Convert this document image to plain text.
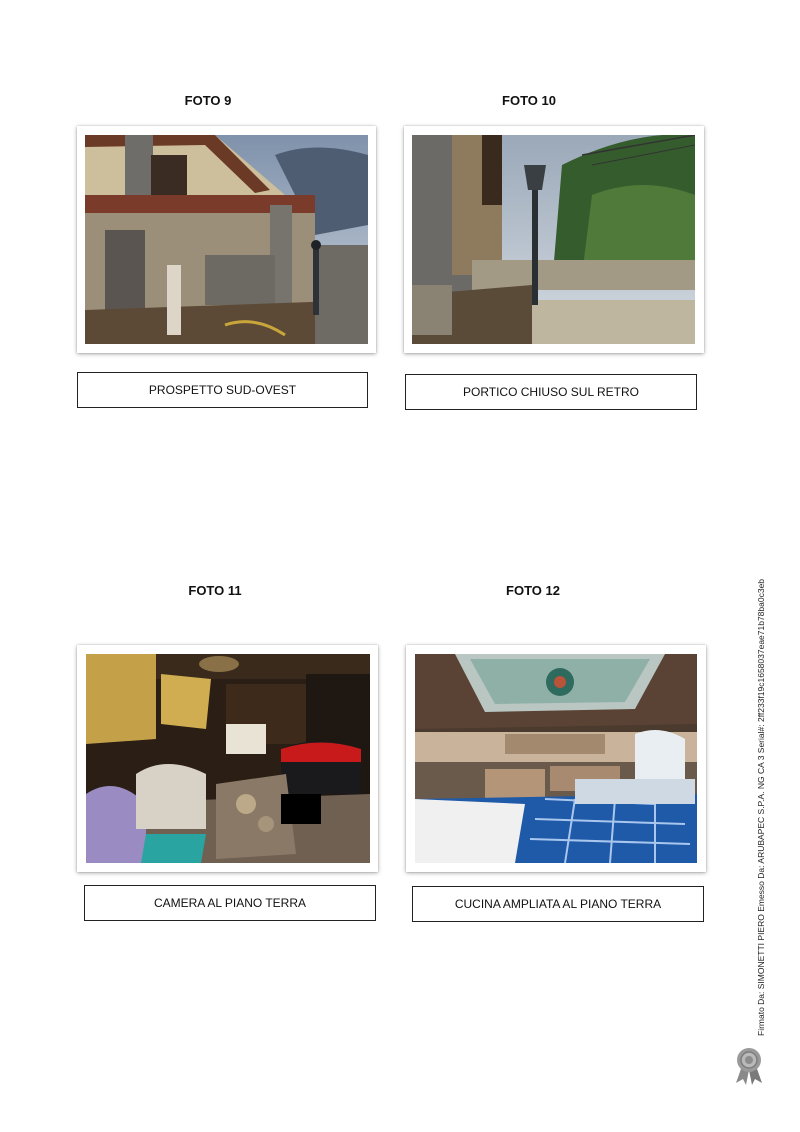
FOTO 9
PROSPETTO SUD-OVEST
FOTO 10
PORTICO CHIUSO SUL RETRO
FOTO 11
CAMERA AL PIANO TERRA
FOTO 12
CUCINA AMPLIATA AL PIANO TERRA	Firmato Da: SIMONETTI PIERO Emesso Da: ARUBAPEC S.P.A. NG CA 3 Serial#: 2ff233f19c1658037eae71b78ba0c3eb
